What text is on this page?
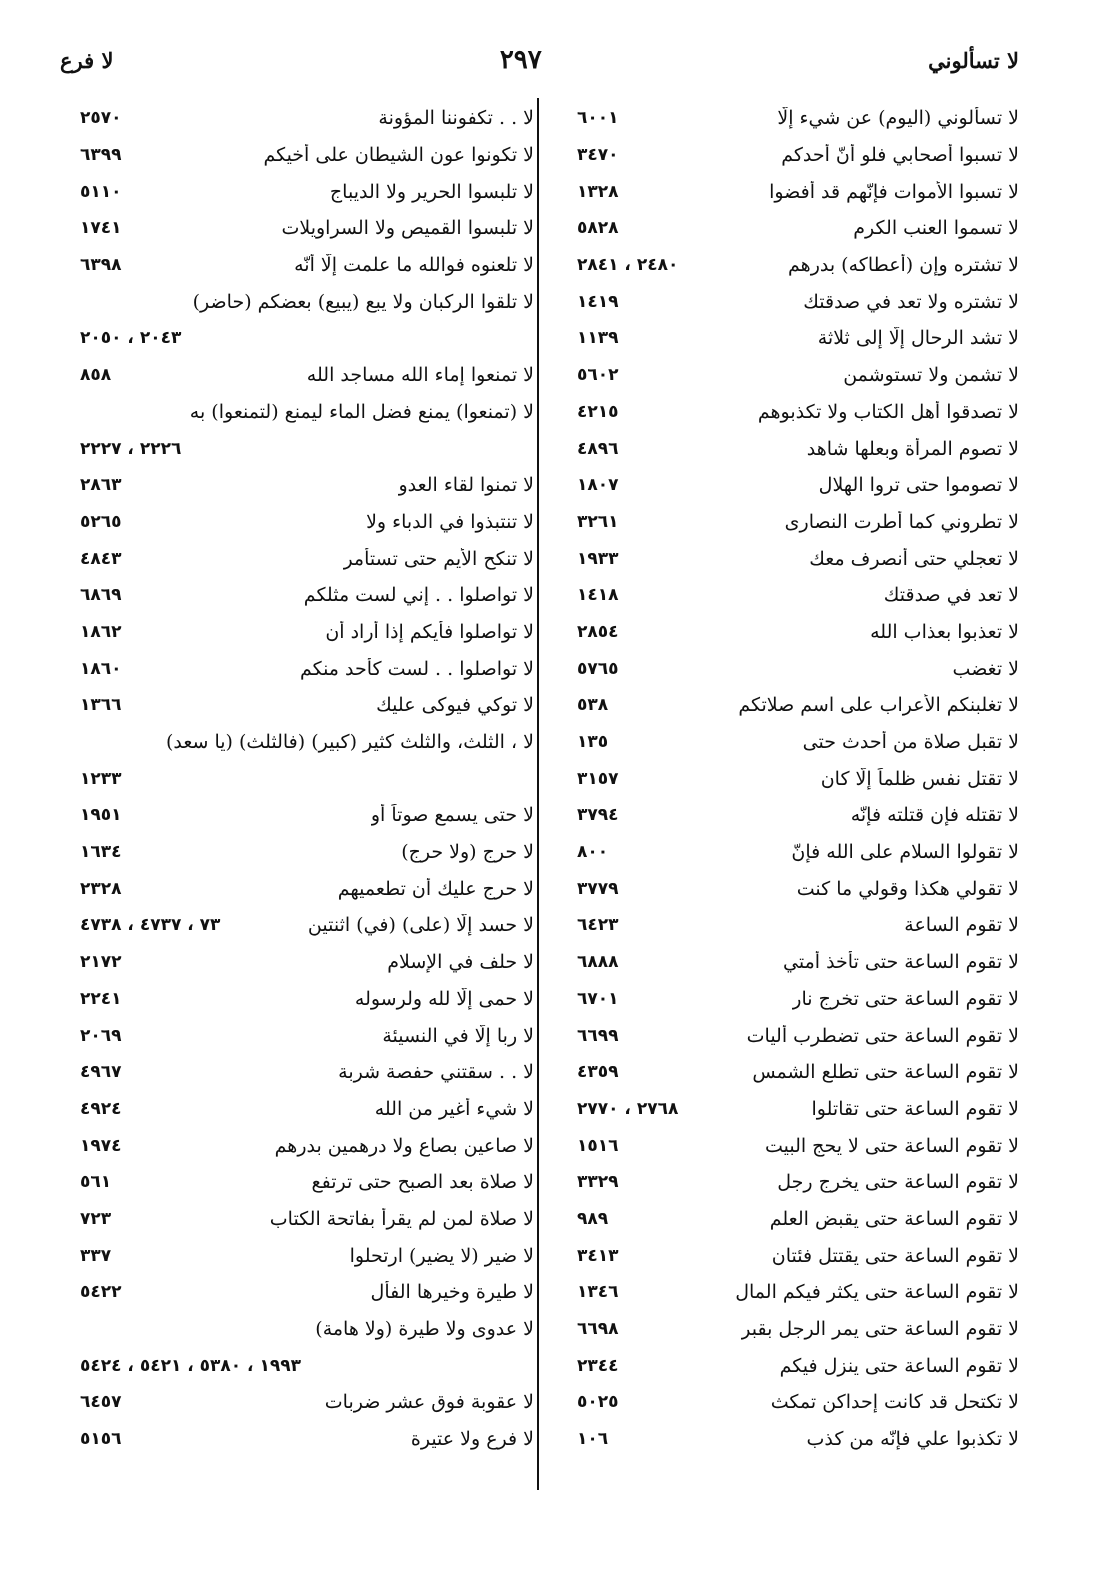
لا تسألوني
٢٩٧
لا فرع
لا تسألوني (اليوم) عن شيء إلّا
٦٠٠١
لا تسبوا أصحابي فلو أنّ أحدكم
٣٤٧٠
لا تسبوا الأموات فإنّهم قد أفضوا
١٣٢٨
لا تسموا العنب الكرم
٥٨٢٨
لا تشتره وإن (أعطاكه) بدرهم
٢٤٨٠ ، ٢٨٤١
لا تشتره ولا تعد في صدقتك
١٤١٩
لا تشد الرحال إلّا إلى ثلاثة
١١٣٩
لا تشمن ولا تستوشمن
٥٦٠٢
لا تصدقوا أهل الكتاب ولا تكذبوهم
٤٢١٥
لا تصوم المرأة وبعلها شاهد
٤٨٩٦
لا تصوموا حتى تروا الهلال
١٨٠٧
لا تطروني كما أطرت النصارى
٣٢٦١
لا تعجلي حتى أنصرف معك
١٩٣٣
لا تعد في صدقتك
١٤١٨
لا تعذبوا بعذاب الله
٢٨٥٤
لا تغضب
٥٧٦٥
لا تغلبنكم الأعراب على اسم صلاتكم
٥٣٨
لا تقبل صلاة من أحدث حتى
١٣٥
لا تقتل نفس ظلماً إلّا كان
٣١٥٧
لا تقتله فإن قتلته فإنّه
٣٧٩٤
لا تقولوا السلام على الله فإنّ
٨٠٠
لا تقولي هكذا وقولي ما كنت
٣٧٧٩
لا تقوم الساعة
٦٤٢٣
لا تقوم الساعة حتى تأخذ أمتي
٦٨٨٨
لا تقوم الساعة حتى تخرج نار
٦٧٠١
لا تقوم الساعة حتى تضطرب أليات
٦٦٩٩
لا تقوم الساعة حتى تطلع الشمس
٤٣٥٩
لا تقوم الساعة حتى تقاتلوا
٢٧٦٨ ، ٢٧٧٠
لا تقوم الساعة حتى لا يحج البيت
١٥١٦
لا تقوم الساعة حتى يخرج رجل
٣٣٢٩
لا تقوم الساعة حتى يقبض العلم
٩٨٩
لا تقوم الساعة حتى يقتتل فئتان
٣٤١٣
لا تقوم الساعة حتى يكثر فيكم المال
١٣٤٦
لا تقوم الساعة حتى يمر الرجل بقبر
٦٦٩٨
لا تقوم الساعة حتى ينزل فيكم
٢٣٤٤
لا تكتحل قد كانت إحداكن تمكث
٥٠٢٥
لا تكذبوا علي فإنّه من كذب
١٠٦
لا . . تكفوننا المؤونة
٢٥٧٠
لا تكونوا عون الشيطان على أخيكم
٦٣٩٩
لا تلبسوا الحرير ولا الديباج
٥١١٠
لا تلبسوا القميص ولا السراويلات
١٧٤١
لا تلعنوه فوالله ما علمت إلّا أنّه
٦٣٩٨
لا تلقوا الركبان ولا يبع (يبيع) بعضكم (حاضر)
٢٠٤٣ ، ٢٠٥٠
لا تمنعوا إماء الله مساجد الله
٨٥٨
لا (تمنعوا) يمنع فضل الماء ليمنع (لتمنعوا) به
٢٢٢٦ ، ٢٢٢٧
لا تمنوا لقاء العدو
٢٨٦٣
لا تنتبذوا في الدباء ولا
٥٢٦٥
لا تنكح الأيم حتى تستأمر
٤٨٤٣
لا تواصلوا . . إني لست مثلكم
٦٨٦٩
لا تواصلوا فأيكم إذا أراد أن
١٨٦٢
لا تواصلوا . . لست كأحد منكم
١٨٦٠
لا توكي فيوكى عليك
١٣٦٦
لا ، الثلث، والثلث كثير (كبير) (فالثلث) (يا سعد)
١٢٣٣
لا حتى يسمع صوتاً أو
١٩٥١
لا حرج (ولا حرج)
١٦٣٤
لا حرج عليك أن تطعميهم
٢٣٢٨
لا حسد إلّا (على) (في) اثنتين
٧٣ ، ٤٧٣٧ ، ٤٧٣٨
لا حلف في الإسلام
٢١٧٢
لا حمى إلّا لله ولرسوله
٢٢٤١
لا ربا إلّا في النسيئة
٢٠٦٩
لا . . سقتني حفصة شربة
٤٩٦٧
لا شيء أغير من الله
٤٩٢٤
لا صاعين بصاع ولا درهمين بدرهم
١٩٧٤
لا صلاة بعد الصبح حتى ترتفع
٥٦١
لا صلاة لمن لم يقرأ بفاتحة الكتاب
٧٢٣
لا ضير (لا يضير) ارتحلوا
٣٣٧
لا طيرة وخيرها الفأل
٥٤٢٢
لا عدوى ولا طيرة (ولا هامة)
١٩٩٣ ، ٥٣٨٠ ، ٥٤٢١ ، ٥٤٢٤
لا عقوبة فوق عشر ضربات
٦٤٥٧
لا فرع ولا عتيرة
٥١٥٦
